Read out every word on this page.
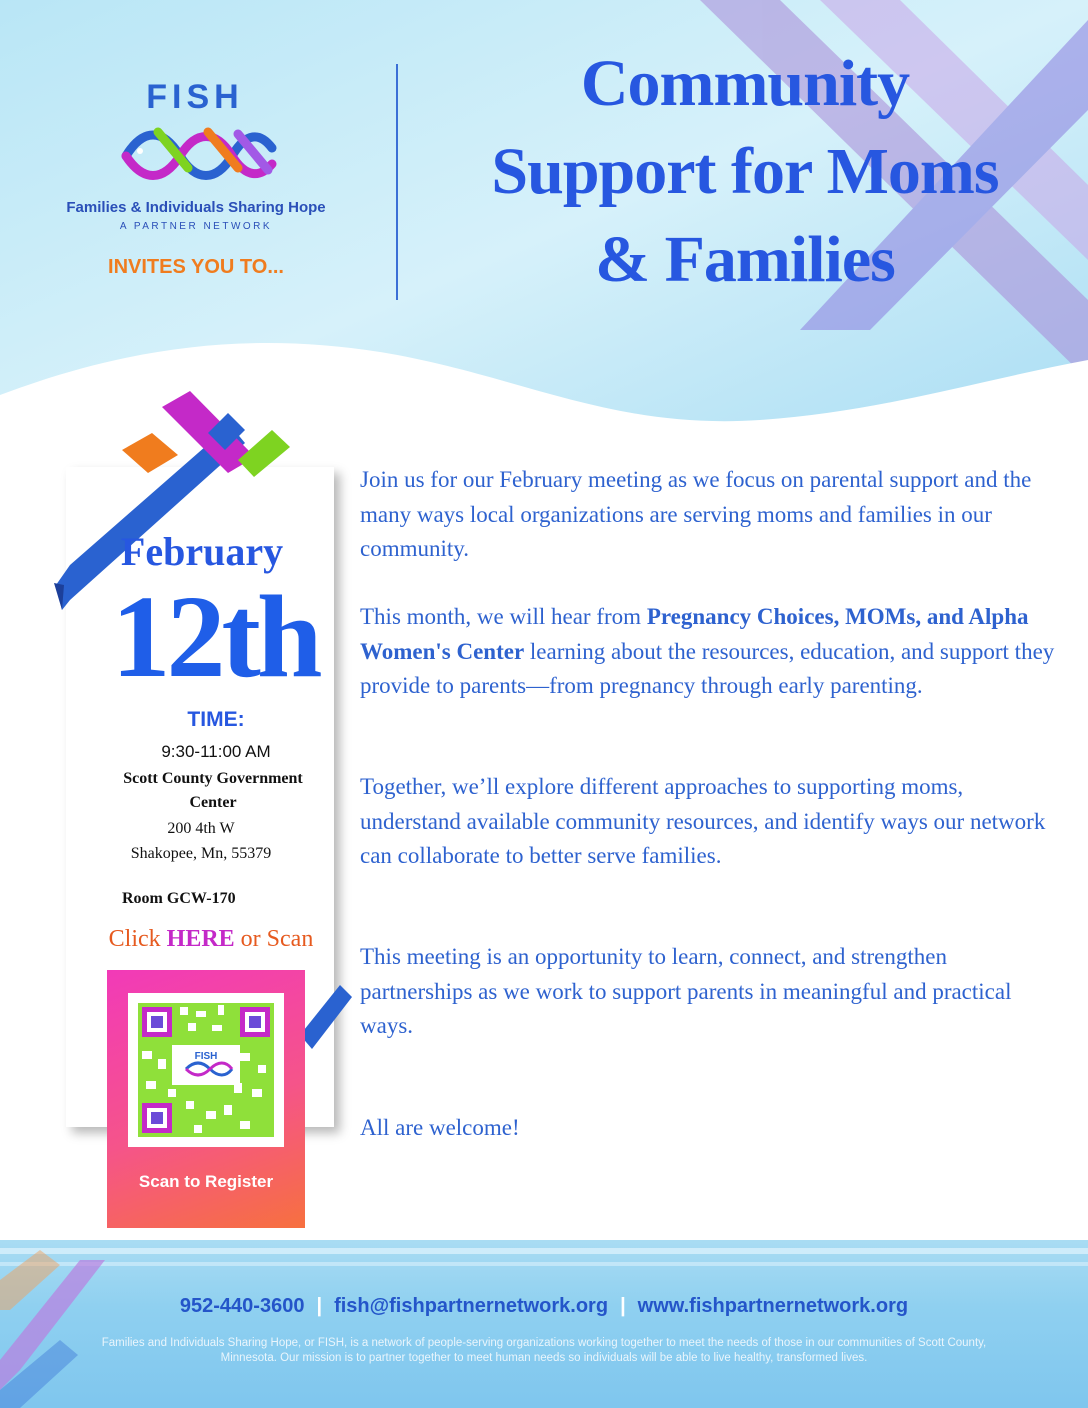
FISH
Families & Individuals Sharing Hope
A PARTNER NETWORK
INVITES YOU TO...
Community
Support for Moms
& Families
February
12th
TIME:
9:30-11:00 AM
Scott County Government Center
200 4th W
Shakopee, Mn, 55379
Room GCW-170
Click HERE or Scan
FISH
Scan to Register
Join us for our February meeting as we focus on parental support and the many ways local organizations are serving moms and families in our community.
This month, we will hear from Pregnancy Choices, MOMs, and Alpha Women's Center learning about the resources, education, and support they provide to parents—from pregnancy through early parenting.
Together, we’ll explore different approaches to supporting moms, understand available community resources, and identify ways our network can collaborate to better serve families.
This meeting is an opportunity to learn, connect, and strengthen partnerships as we work to support parents in meaningful and practical ways.
All are welcome!
952-440-3600 | fish@fishpartnernetwork.org | www.fishpartnernetwork.org
Families and Individuals Sharing Hope, or FISH, is a network of people-serving organizations working together to meet the needs of those in our communities of Scott County, Minnesota. Our mission is to partner together to meet human needs so individuals will be able to live healthy, transformed lives.
